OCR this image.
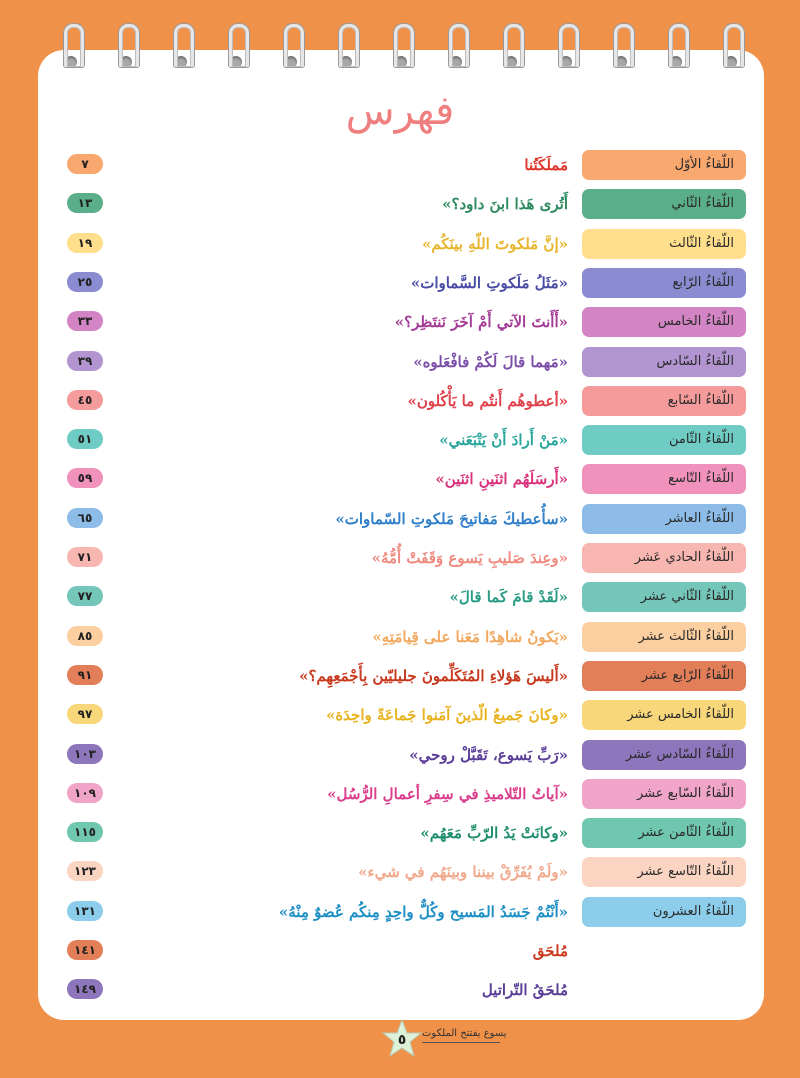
فهرس
اللّقاءُ الأوّل
مَملَكَتُنا
٧
اللّقاءُ الثّاني
أَتُرى هَذا ابنَ داود؟»
١٣
اللّقاءُ الثّالث
«إنَّ مَلكوتَ اللّهِ بينَكُم»
١٩
اللّقاءُ الرّابع
«مَثَلُ مَلَكوتِ السَّماوات»
٢٥
اللّقاءُ الخامس
«أَأَنتَ الآتي أَمْ آخَرَ نَنتَظِر؟»
٣٣
اللّقاءُ السّادس
«مَهما قالَ لَكُمْ فافْعَلوه»
٣٩
اللّقاءُ السّابع
«أعطوهُم أَنتُم ما يَأْكُلون»
٤٥
اللّقاءُ الثّامن
«مَنْ أَرادَ أَنْ يَتْبَعَني»
٥١
اللّقاءُ التّاسع
«أَرسَلَهُم اثنَينِ اثنَين»
٥٩
اللّقاءُ العاشر
«سأُعطيكَ مَفاتيحَ مَلكوتِ السّماوات»
٦٥
اللّقاءُ الحادي عَشر
«وعِندَ صَليبِ يَسوع وَقَفَتْ أُمُّهُ»
٧١
اللّقاءُ الثّاني عشر
«لَقَدْ قامَ كَما قالَ»
٧٧
اللّقاءُ الثّالث عشر
«يَكونُ شاهِدًا مَعَنا على قِيامَتِهِ»
٨٥
اللّقاءُ الرّابع عشر
«أَليسَ هَؤلاءِ المُتَكَلِّمونَ جليليّين بِأَجْمَعِهِم؟»
٩١
اللّقاءُ الخامس عشر
«وكانَ جَميعُ الّذينَ آمَنوا جَماعَةً واحِدَة»
٩٧
اللّقاءُ السّادس عشر
«رَبِّ يَسوع، تَقَبَّلْ روحي»
١٠٣
اللّقاءُ السّابع عشر
«آياتُ التّلاميذِ في سِفرِ أعمالِ الرُّسُل»
١٠٩
اللّقاءُ الثّامن عشر
«وكانَتْ يَدُ الرّبِّ مَعَهُم»
١١٥
اللّقاءُ التّاسع عشر
«ولَمْ يُفَرِّقْ بيننا وبينَهُم في شيء»
١٢٣
اللّقاءُ العشرون
«أَنْتُمْ جَسَدُ المَسيح وكُلٌّ واحِدٍ مِنكُم عُضوٌ مِنْهُ»
١٣١
مُلحَق
١٤١
مُلحَقُ التّراتيل
١٤٩
٥	يسوع يفتتح الملكوت
